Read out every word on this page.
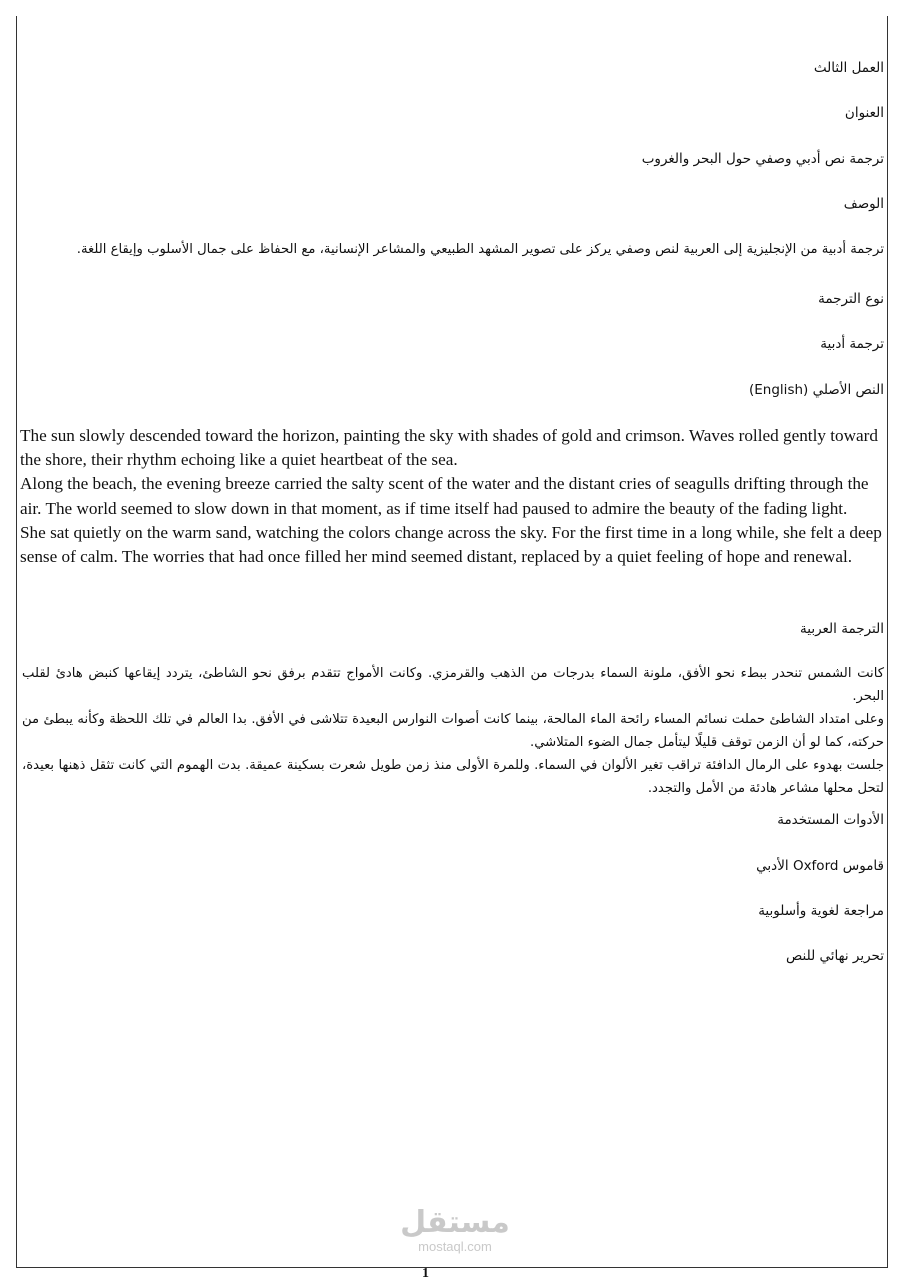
العمل الثالث
العنوان
ترجمة نص أدبي وصفي حول البحر والغروب
الوصف

ترجمة أدبية من الإنجليزية إلى العربية لنص وصفي يركز على تصوير المشهد الطبيعي والمشاعر الإنسانية، مع الحفاظ على جمال الأسلوب وإيقاع اللغة.

نوع الترجمة
ترجمة أدبية
النص الأصلي (English)

The sun slowly descended toward the horizon, painting the sky with shades of gold and crimson. Waves rolled gently toward the shore, their rhythm echoing like a quiet heartbeat of the sea.

Along the beach, the evening breeze carried the salty scent of the water and the distant cries of seagulls drifting through the air. The world seemed to slow down in that moment, as if time itself had paused to admire the beauty of the fading light.

She sat quietly on the warm sand, watching the colors change across the sky. For the first time in a long while, she felt a deep sense of calm. The worries that had once filled her mind seemed distant, replaced by a quiet feeling of hope and renewal.

الترجمة العربية

كانت الشمس تنحدر ببطء نحو الأفق، ملونة السماء بدرجات من الذهب والقرمزي. وكانت الأمواج تتقدم برفق نحو الشاطئ، يتردد إيقاعها كنبض هادئ لقلب البحر.

وعلى امتداد الشاطئ حملت نسائم المساء رائحة الماء المالحة، بينما كانت أصوات النوارس البعيدة تتلاشى في الأفق. بدا العالم في تلك اللحظة وكأنه يبطئ من حركته، كما لو أن الزمن توقف قليلًا ليتأمل جمال الضوء المتلاشي.

جلست بهدوء على الرمال الدافئة تراقب تغير الألوان في السماء. وللمرة الأولى منذ زمن طويل شعرت بسكينة عميقة. بدت الهموم التي كانت تثقل ذهنها بعيدة، لتحل محلها مشاعر هادئة من الأمل والتجدد.

الأدوات المستخدمة
قاموس Oxford الأدبي
مراجعة لغوية وأسلوبية
تحرير نهائي للنص
مستقل
mostaql.com
1
